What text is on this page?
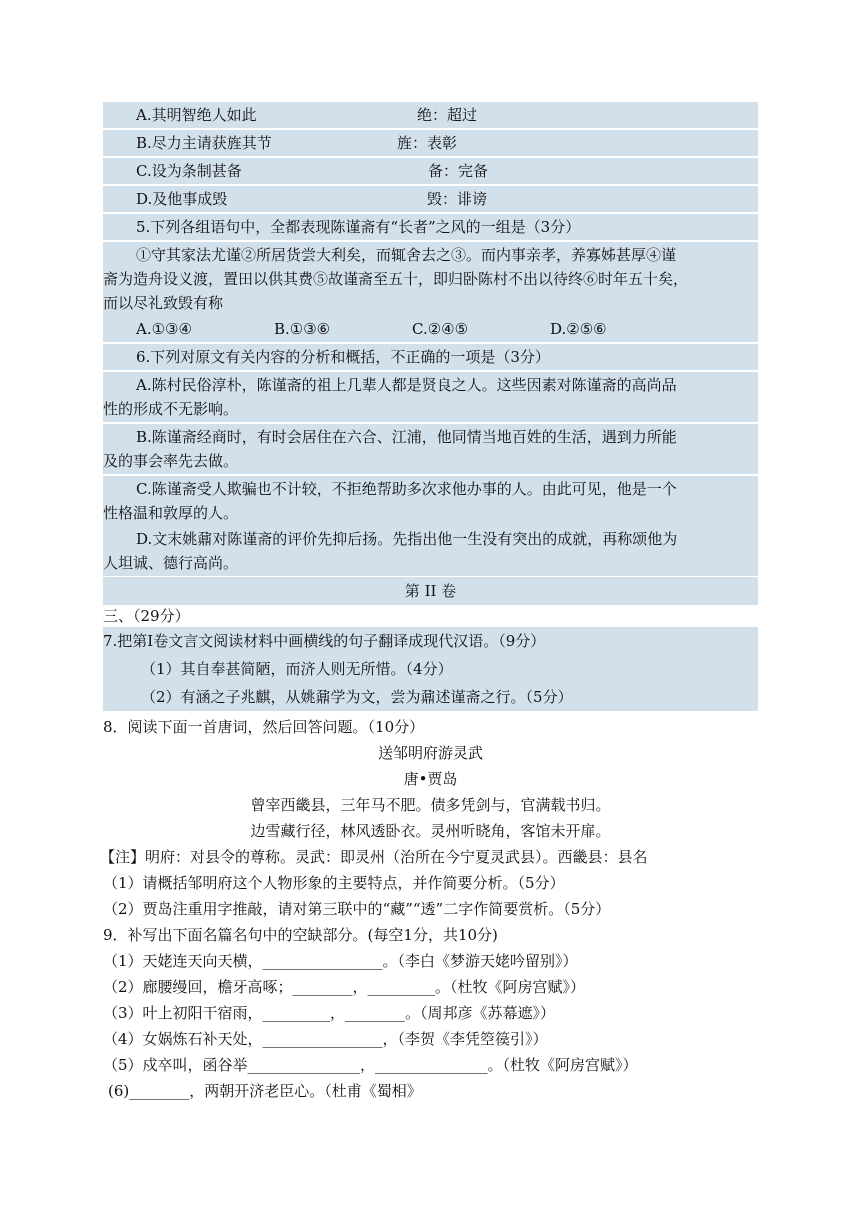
A.其明智绝人如此	绝：超过
B.尽力主请获旌其节	旌：表彰
C.设为条制甚备	备：完备
D.及他事成毁	毁：诽谤
5.下列各组语句中，全都表现陈谨斋有“长者”之风的一组是（3分）
①守其家法尤谨②所居货尝大利矣，而辄舍去之③。而内事亲孝，养寡姊甚厚④谨
斋为造舟设义渡，置田以供其费⑤故谨斋至五十，即归卧陈村不出以待终⑥时年五十矣，
而以尽礼致毁有称
A.①③④	B.①③⑥	C.②④⑤	D.②⑤⑥
6.下列对原文有关内容的分析和概括，不正确的一项是（3分）
A.陈村民俗淳朴，陈谨斋的祖上几辈人都是贤良之人。这些因素对陈谨斋的高尚品
性的形成不无影响。
B.陈谨斋经商时，有时会居住在六合、江浦，他同情当地百姓的生活，遇到力所能
及的事会率先去做。
C.陈谨斋受人欺骗也不计较，不拒绝帮助多次求他办事的人。由此可见，他是一个
性格温和敦厚的人。
D.文末姚鼐对陈谨斋的评价先抑后扬。先指出他一生没有突出的成就，再称颂他为
人坦诚、德行高尚。
第 II 卷
三、（29分）
7.把第Ⅰ卷文言文阅读材料中画横线的句子翻译成现代汉语。（9分）
（1）其自奉甚简陋，而济人则无所惜。（4分）
（2）有涵之子兆麒，从姚鼐学为文，尝为鼐述谨斋之行。（5分）
8．阅读下面一首唐词，然后回答问题。（10分）
送邹明府游灵武
唐•贾岛
曾宰西畿县，三年马不肥。债多凭剑与，官满载书归。
边雪藏行径，林风透卧衣。灵州听晓角，客馆未开扉。
【注】明府：对县令的尊称。灵武：即灵州（治所在今宁夏灵武县）。西畿县：县名
（1）请概括邹明府这个人物形象的主要特点，并作简要分析。（5分）
（2）贾岛注重用字推敲，请对第三联中的“藏”“透”二字作简要赏析。（5分）
9．补写出下面名篇名句中的空缺部分。(每空1分，共10分)
（1）天姥连天向天横，________________。（李白《梦游天姥吟留别》）
（2）廊腰缦回，檐牙高啄；________，_________。（杜牧《阿房宫赋》）
（3）叶上初阳干宿雨，_________，________。（周邦彦《苏幕遮》）
（4）女娲炼石补天处，________________，（李贺《李凭箜篌引》）
（5）戍卒叫，函谷举_______________，_______________。（杜牧《阿房宫赋》）
(6)________，两朝开济老臣心。（杜甫《蜀相》
